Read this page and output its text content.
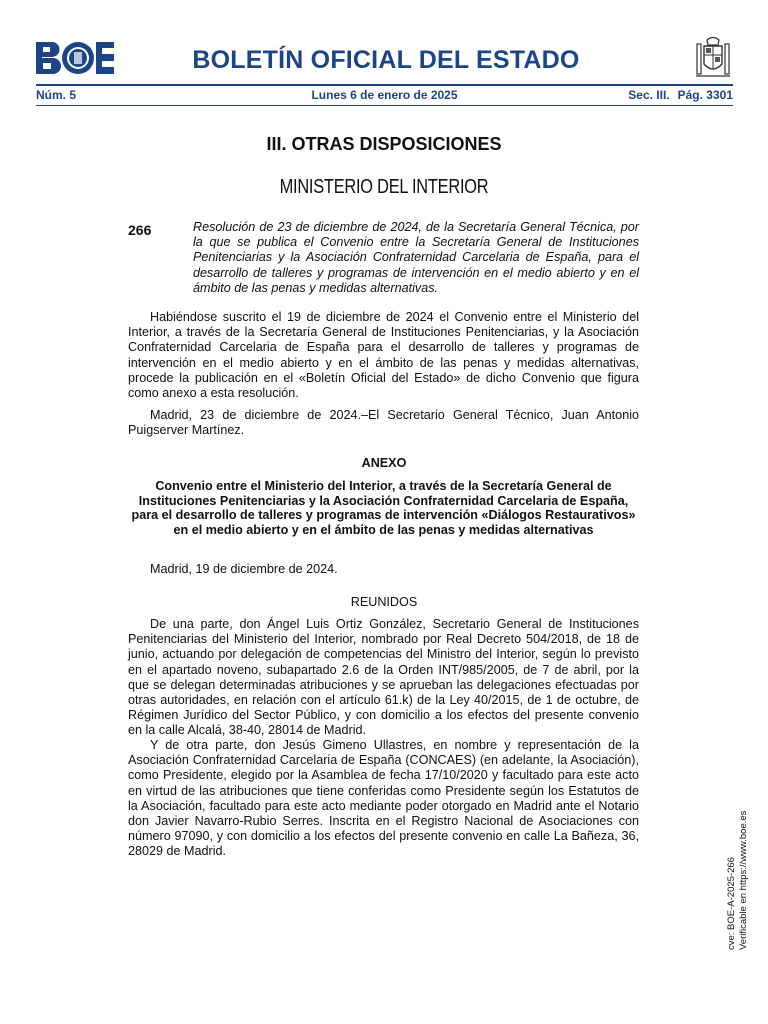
BOLETÍN OFICIAL DEL ESTADO
Núm. 5	Lunes 6 de enero de 2025	Sec. III. Pág. 3301
III. OTRAS DISPOSICIONES
MINISTERIO DEL INTERIOR
266	Resolución de 23 de diciembre de 2024, de la Secretaría General Técnica, por la que se publica el Convenio entre la Secretaría General de Instituciones Penitenciarias y la Asociación Confraternidad Carcelaria de España, para el desarrollo de talleres y programas de intervención en el medio abierto y en el ámbito de las penas y medidas alternativas.

Habiéndose suscrito el 19 de diciembre de 2024 el Convenio entre el Ministerio del Interior, a través de la Secretaría General de Instituciones Penitenciarias, y la Asociación Confraternidad Carcelaria de España para el desarrollo de talleres y programas de intervención en el medio abierto y en el ámbito de las penas y medidas alternativas, procede la publicación en el «Boletín Oficial del Estado» de dicho Convenio que figura como anexo a esta resolución.

Madrid, 23 de diciembre de 2024.–El Secretario General Técnico, Juan Antonio Puigserver Martínez.

ANEXO
Convenio entre el Ministerio del Interior, a través de la Secretaría General de Instituciones Penitenciarias y la Asociación Confraternidad Carcelaria de España, para el desarrollo de talleres y programas de intervención «Diálogos Restaurativos» en el medio abierto y en el ámbito de las penas y medidas alternativas

Madrid, 19 de diciembre de 2024.

REUNIDOS

De una parte, don Ángel Luis Ortiz González, Secretario General de Instituciones Penitenciarias del Ministerio del Interior, nombrado por Real Decreto 504/2018, de 18 de junio, actuando por delegación de competencias del Ministro del Interior, según lo previsto en el apartado noveno, subapartado 2.6 de la Orden INT/985/2005, de 7 de abril, por la que se delegan determinadas atribuciones y se aprueban las delegaciones efectuadas por otras autoridades, en relación con el artículo 61.k) de la Ley 40/2015, de 1 de octubre, de Régimen Jurídico del Sector Público, y con domicilio a los efectos del presente convenio en la calle Alcalá, 38-40, 28014 de Madrid.

Y de otra parte, don Jesús Gimeno Ullastres, en nombre y representación de la Asociación Confraternidad Carcelaria de España (CONCAES) (en adelante, la Asociación), como Presidente, elegido por la Asamblea de fecha 17/10/2020 y facultado para este acto en virtud de las atribuciones que tiene conferidas como Presidente según los Estatutos de la Asociación, facultado para este acto mediante poder otorgado en Madrid ante el Notario don Javier Navarro-Rubio Serres. Inscrita en el Registro Nacional de Asociaciones con número 97090, y con domicilio a los efectos del presente convenio en calle La Bañeza, 36, 28029 de Madrid.

cve: BOE-A-2025-266 Verificable en https://www.boe.es
